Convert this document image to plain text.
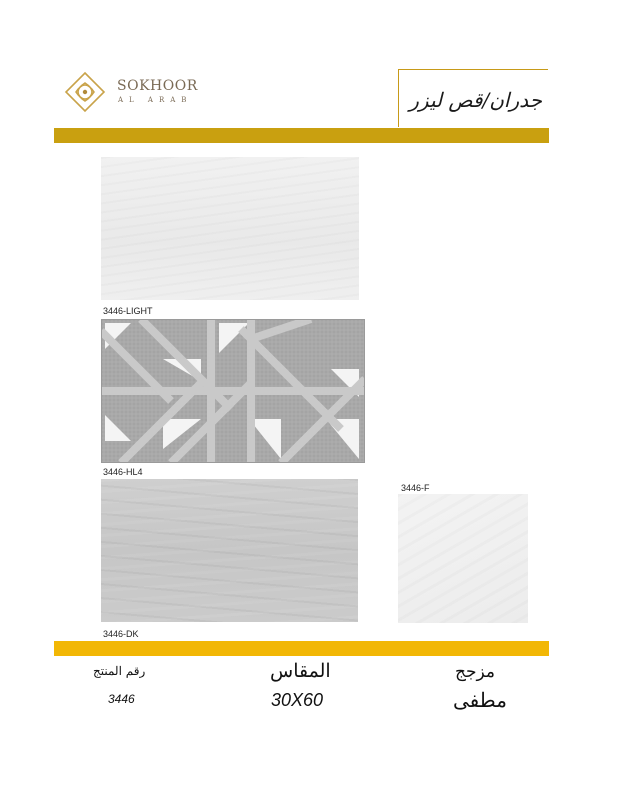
SOKHOOR
AL ARAB	جدران/قص ليزر
3446-LIGHT
3446-HL4
3446-DK
3446-F
رقم المنتج	المقاس	مزجج
3446	30X60	مطفى
